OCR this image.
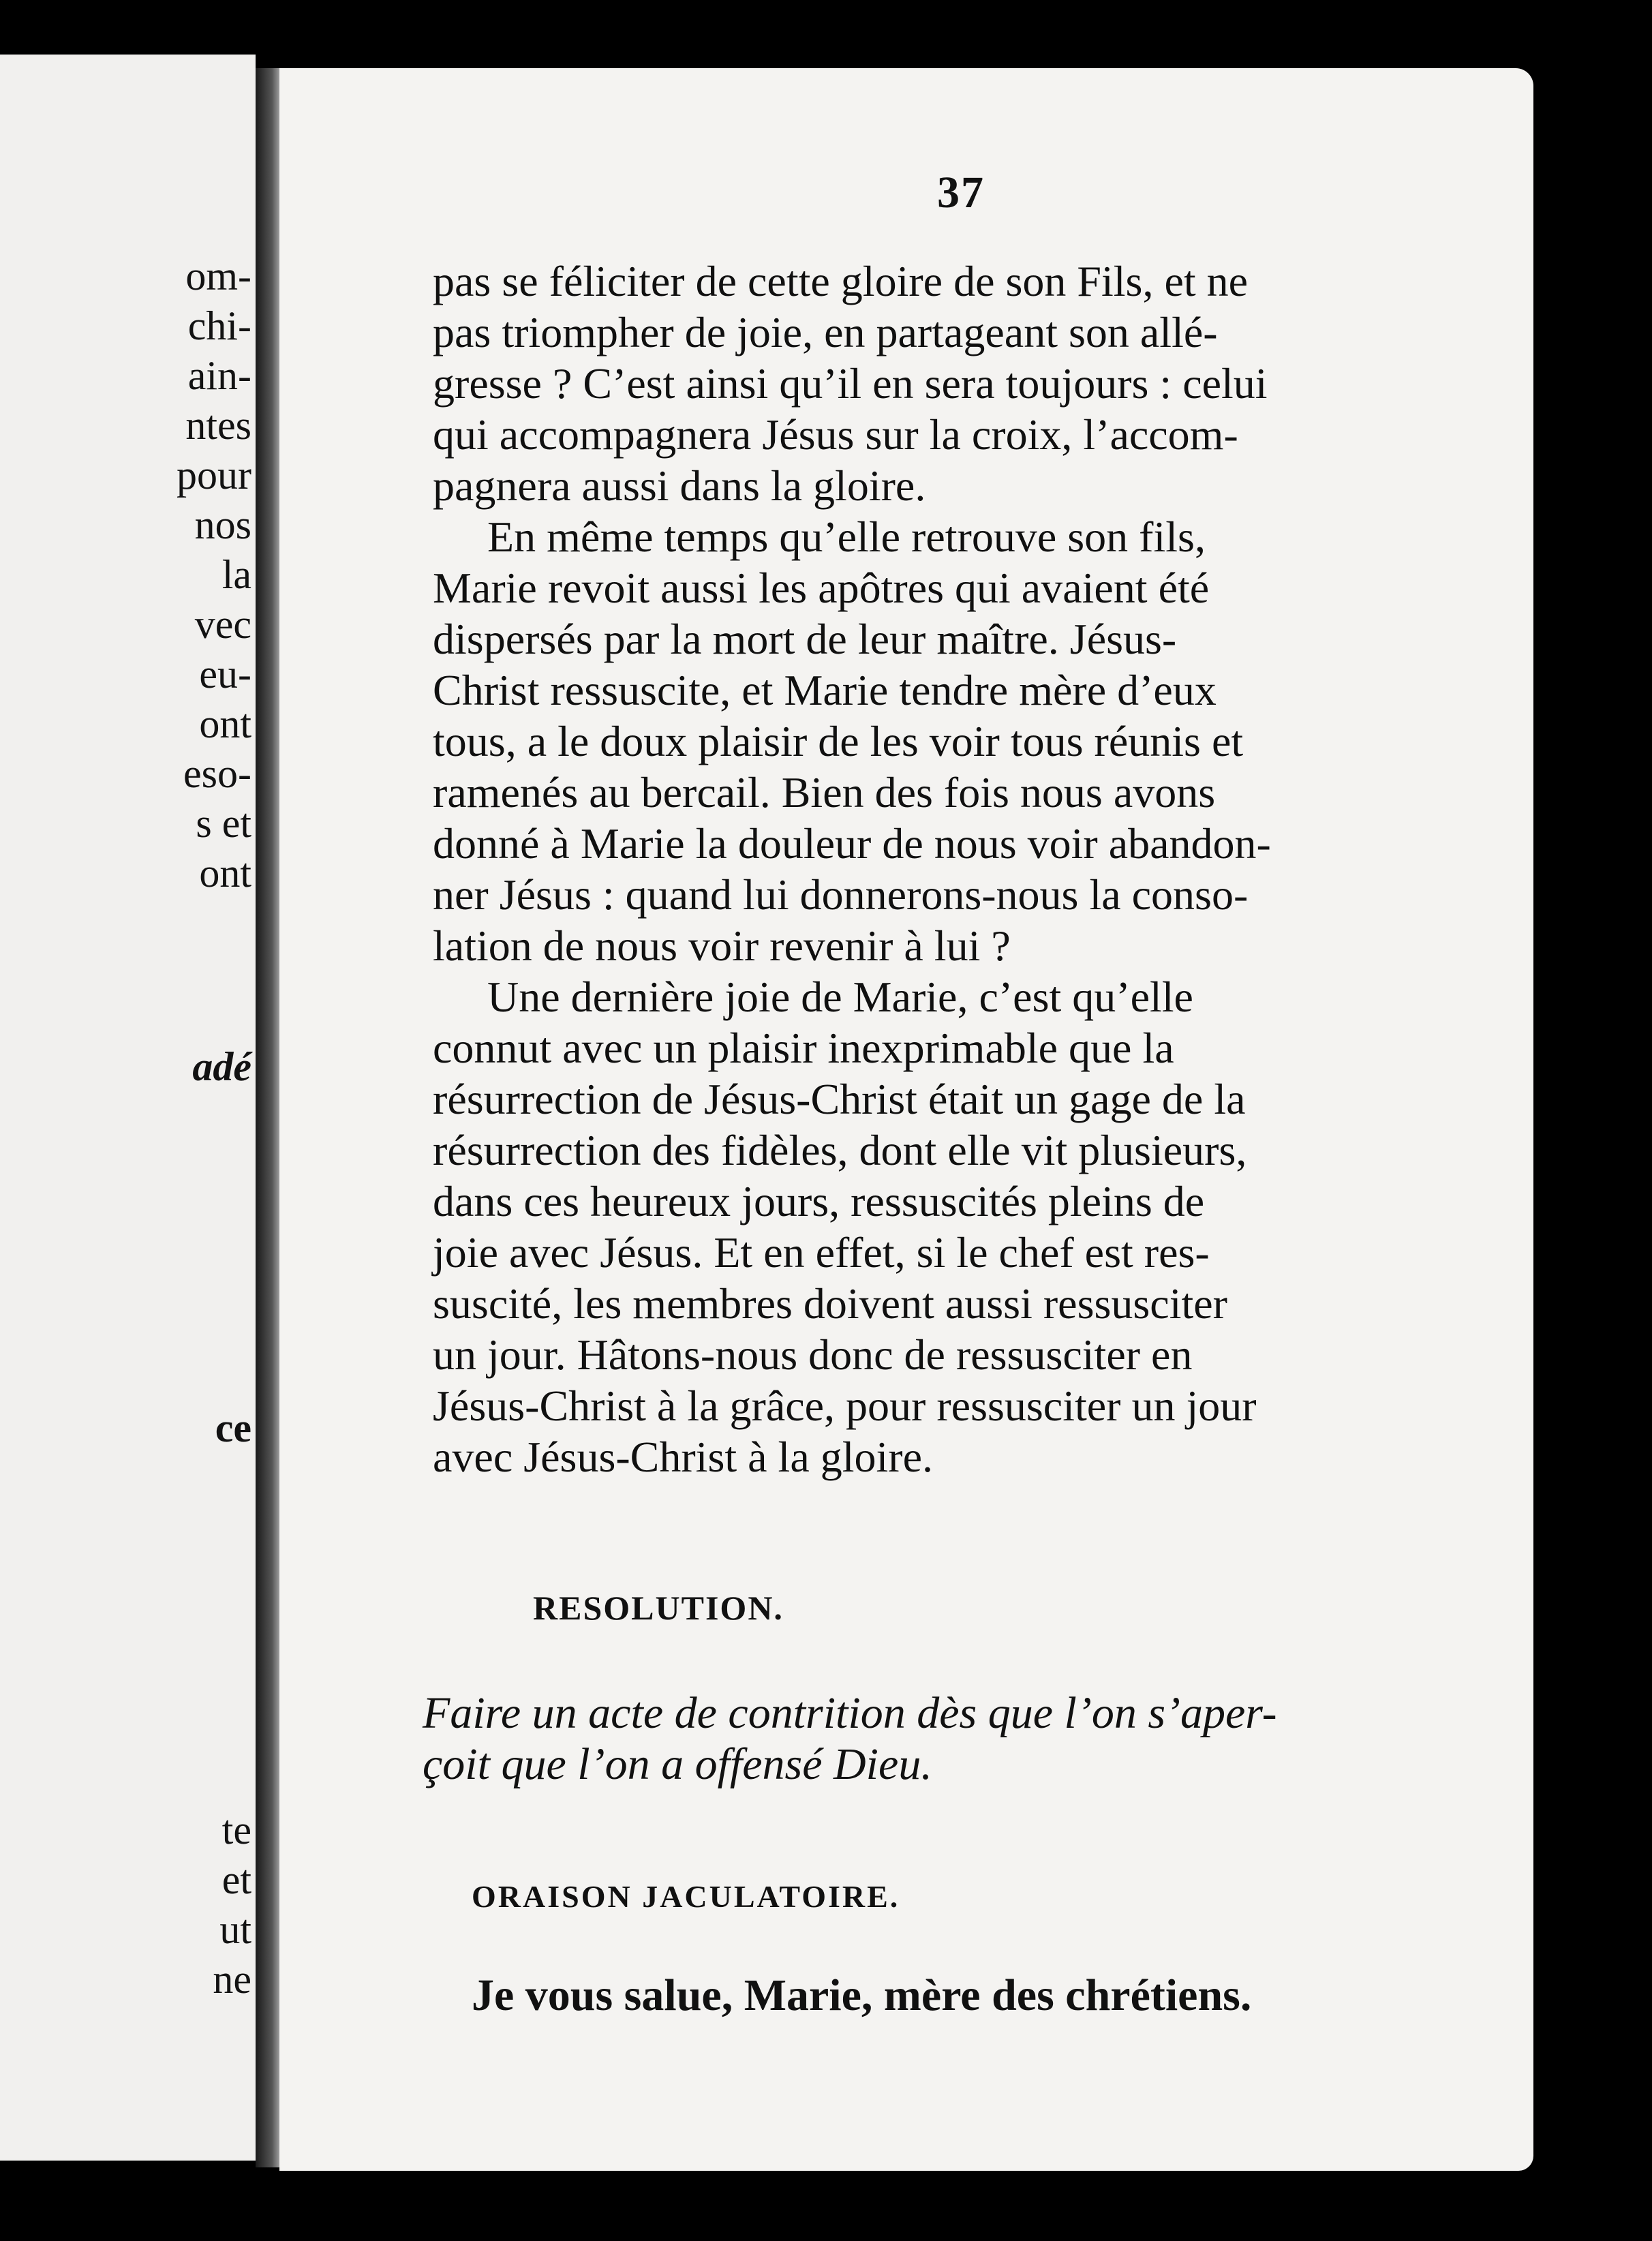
om-
chi-
ain-
ntes
pour
nos
la
vec
eu-
ont
eso-
s et
ont
adé
ce
te
et
ut
ne
37
pas se féliciter de cette gloire de son Fils, et ne
pas triompher de joie, en partageant son allé-
gresse ? C’est ainsi qu’il en sera toujours : celui
qui accompagnera Jésus sur la croix, l’accom-
pagnera aussi dans la gloire.
En même temps qu’elle retrouve son fils,
Marie revoit aussi les apôtres qui avaient été
dispersés par la mort de leur maître. Jésus-
Christ ressuscite, et Marie tendre mère d’eux
tous, a le doux plaisir de les voir tous réunis et
ramenés au bercail. Bien des fois nous avons
donné à Marie la douleur de nous voir abandon-
ner Jésus : quand lui donnerons-nous la conso-
lation de nous voir revenir à lui ?
Une dernière joie de Marie, c’est qu’elle
connut avec un plaisir inexprimable que la
résurrection de Jésus-Christ était un gage de la
résurrection des fidèles, dont elle vit plusieurs,
dans ces heureux jours, ressuscités pleins de
joie avec Jésus. Et en effet, si le chef est res-
suscité, les membres doivent aussi ressusciter
un jour. Hâtons-nous donc de ressusciter en
Jésus-Christ à la grâce, pour ressusciter un jour
avec Jésus-Christ à la gloire.
RESOLUTION.
Faire un acte de contrition dès que l’on s’aper-
çoit que l’on a offensé Dieu.
ORAISON JACULATOIRE.
Je vous salue, Marie, mère des chrétiens.
